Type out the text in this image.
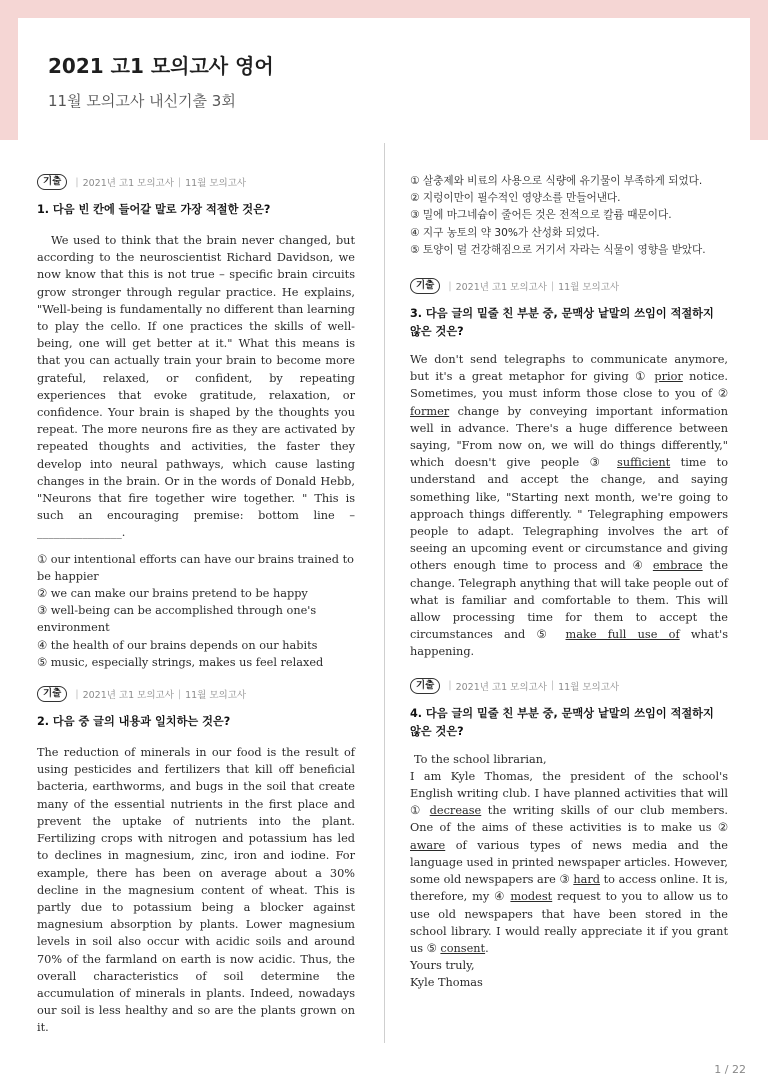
2021 고1 모의고사 영어
11월 모의고사 내신기출 3회
기출	| 2021년 고1 모의고사 | 11월 모의고사
1. 다음 빈 칸에 들어갈 말로 가장 적절한 것은?

We used to think that the brain never changed, but according to the neuroscientist Richard Davidson, we now know that this is not true – specific brain circuits grow stronger through regular practice. He explains, "Well-being is fundamentally no different than learning to play the cello. If one practices the skills of well-being, one will get better at it." What this means is that you can actually train your brain to become more grateful, relaxed, or confident, by repeating experiences that evoke gratitude, relaxation, or confidence. Your brain is shaped by the thoughts you repeat. The more neurons fire as they are activated by repeated thoughts and activities, the faster they develop into neural pathways, which cause lasting changes in the brain. Or in the words of Donald Hebb, "Neurons that fire together wire together. " This is such an encouraging premise: bottom line – _______________.

① our intentional efforts can have our brains trained to be happier
② we can make our brains pretend to be happy
③ well-being can be accomplished through one's environment
④ the health of our brains depends on our habits
⑤ music, especially strings, makes us feel relaxed
기출	| 2021년 고1 모의고사 | 11월 모의고사
2. 다음 중 글의 내용과 일치하는 것은?

The reduction of minerals in our food is the result of using pesticides and fertilizers that kill off beneficial bacteria, earthworms, and bugs in the soil that create many of the essential nutrients in the first place and prevent the uptake of nutrients into the plant. Fertilizing crops with nitrogen and potassium has led to declines in magnesium, zinc, iron and iodine. For example, there has been on average about a 30% decline in the magnesium content of wheat. This is partly due to potassium being a blocker against magnesium absorption by plants. Lower magnesium levels in soil also occur with acidic soils and around 70% of the farmland on earth is now acidic. Thus, the overall characteristics of soil determine the accumulation of minerals in plants. Indeed, nowadays our soil is less healthy and so are the plants grown on it.

① 살충제와 비료의 사용으로 식량에 유기물이 부족하게 되었다.
② 지렁이만이 필수적인 영양소를 만들어낸다.
③ 밀에 마그네슘이 줄어든 것은 전적으로 칼륨 때문이다.
④ 지구 농토의 약 30%가 산성화 되었다.
⑤ 토양이 덜 건강해짐으로 거기서 자라는 식물이 영향을 받았다.
기출	| 2021년 고1 모의고사 | 11월 모의고사
3. 다음 글의 밑줄 친 부분 중, 문맥상 낱말의 쓰임이 적절하지 않은 것은?

We don't send telegraphs to communicate anymore, but it's a great metaphor for giving ① prior notice. Sometimes, you must inform those close to you of ② former change by conveying important information well in advance. There's a huge difference between saying, "From now on, we will do things differently," which doesn't give people ③ sufficient time to understand and accept the change, and saying something like, "Starting next month, we're going to approach things differently. " Telegraphing empowers people to adapt. Telegraphing involves the art of seeing an upcoming event or circumstance and giving others enough time to process and ④ embrace the change. Telegraph anything that will take people out of what is familiar and comfortable to them. This will allow processing time for them to accept the circumstances and ⑤ make full use of what's happening.

기출	| 2021년 고1 모의고사 | 11월 모의고사
4. 다음 글의 밑줄 친 부분 중, 문맥상 낱말의 쓰임이 적절하지 않은 것은?
To the school librarian,

I am Kyle Thomas, the president of the school's English writing club. I have planned activities that will ① decrease the writing skills of our club members. One of the aims of these activities is to make us ② aware of various types of news media and the language used in printed newspaper articles. However, some old newspapers are ③ hard to access online. It is, therefore, my ④ modest request to you to allow us to use old newspapers that have been stored in the school library. I would really appreciate it if you grant us ⑤ consent.

Yours truly,
Kyle Thomas
1 / 22
